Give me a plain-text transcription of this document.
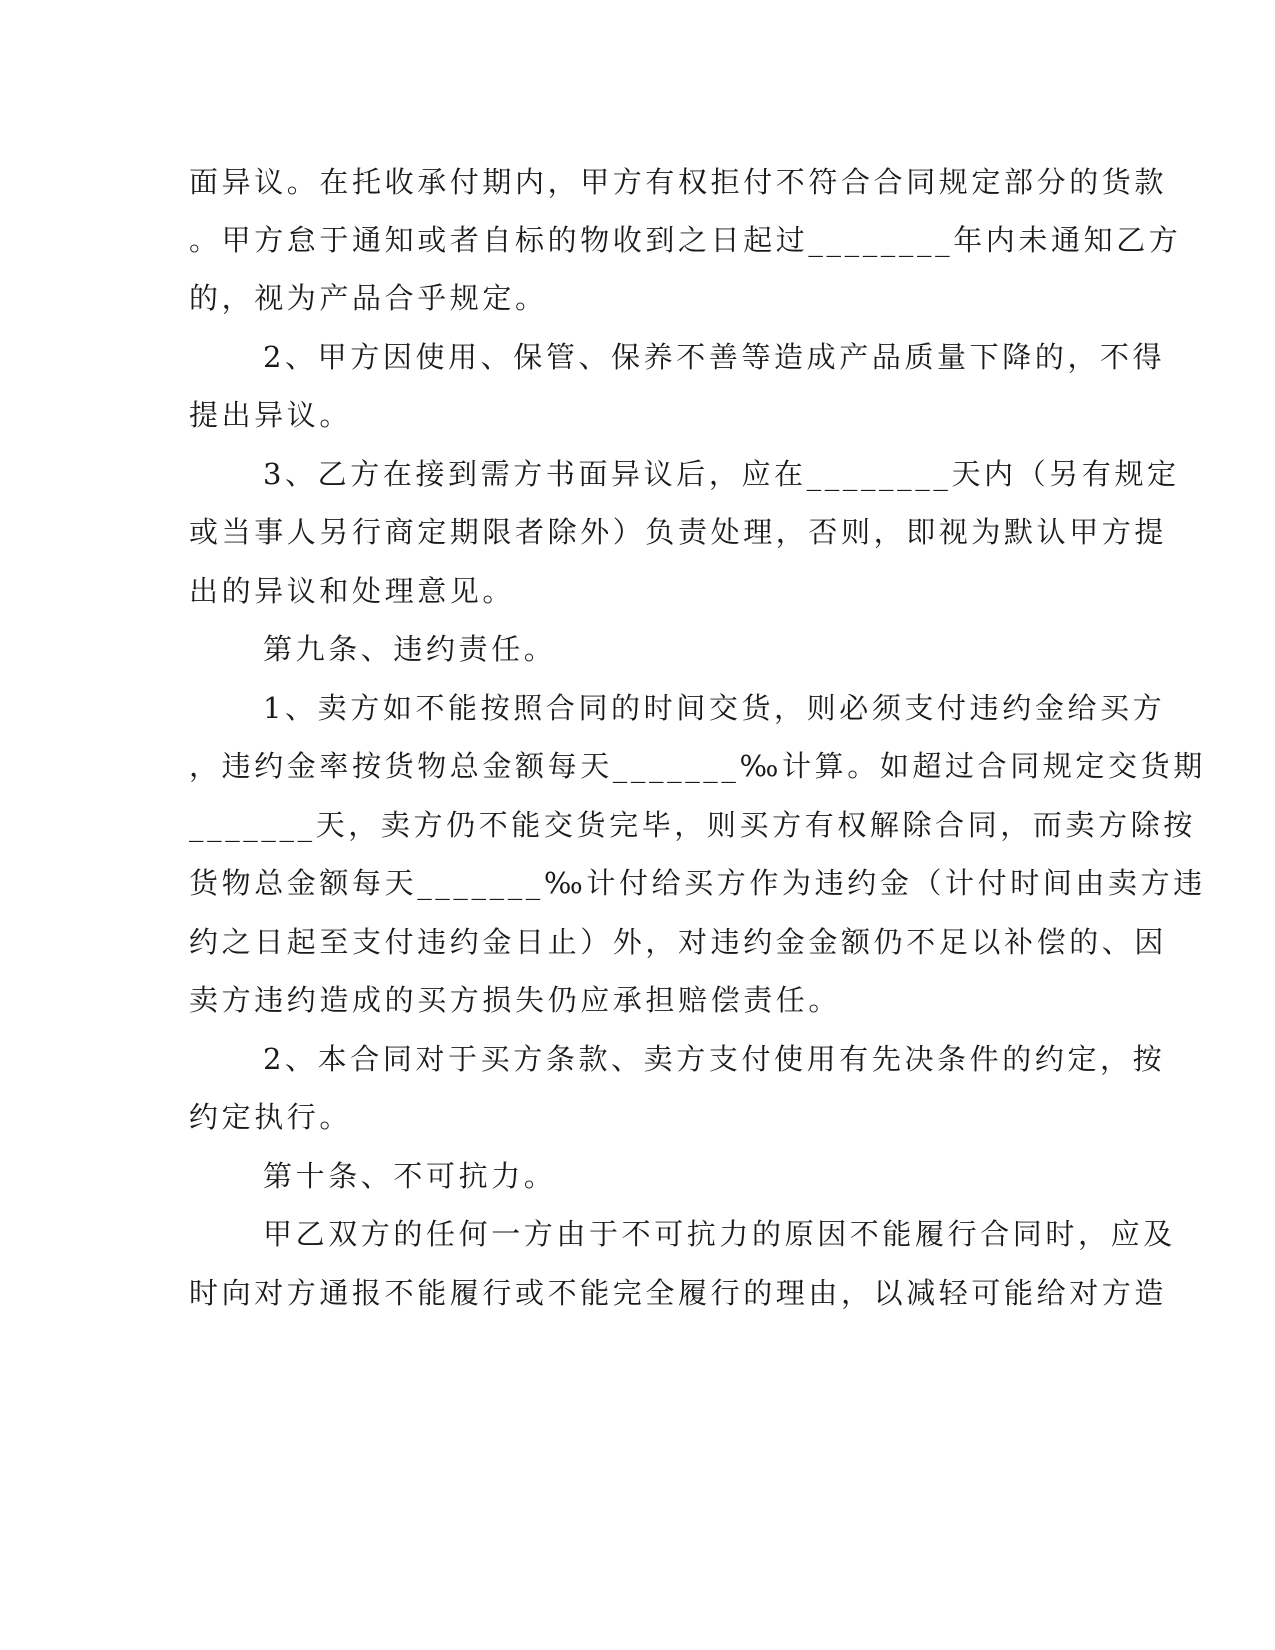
面异议。在托收承付期内，甲方有权拒付不符合合同规定部分的货款
。甲方怠于通知或者自标的物收到之日起过________年内未通知乙方
的，视为产品合乎规定。
2、甲方因使用、保管、保养不善等造成产品质量下降的，不得
提出异议。
3、乙方在接到需方书面异议后，应在________天内（另有规定
或当事人另行商定期限者除外）负责处理，否则，即视为默认甲方提
出的异议和处理意见。
第九条、违约责任。
1、卖方如不能按照合同的时间交货，则必须支付违约金给买方
，违约金率按货物总金额每天_______‰计算。如超过合同规定交货期
_______天，卖方仍不能交货完毕，则买方有权解除合同，而卖方除按
货物总金额每天_______‰计付给买方作为违约金（计付时间由卖方违
约之日起至支付违约金日止）外，对违约金金额仍不足以补偿的、因
卖方违约造成的买方损失仍应承担赔偿责任。
2、本合同对于买方条款、卖方支付使用有先决条件的约定，按
约定执行。
第十条、不可抗力。
甲乙双方的任何一方由于不可抗力的原因不能履行合同时，应及
时向对方通报不能履行或不能完全履行的理由，以减轻可能给对方造
